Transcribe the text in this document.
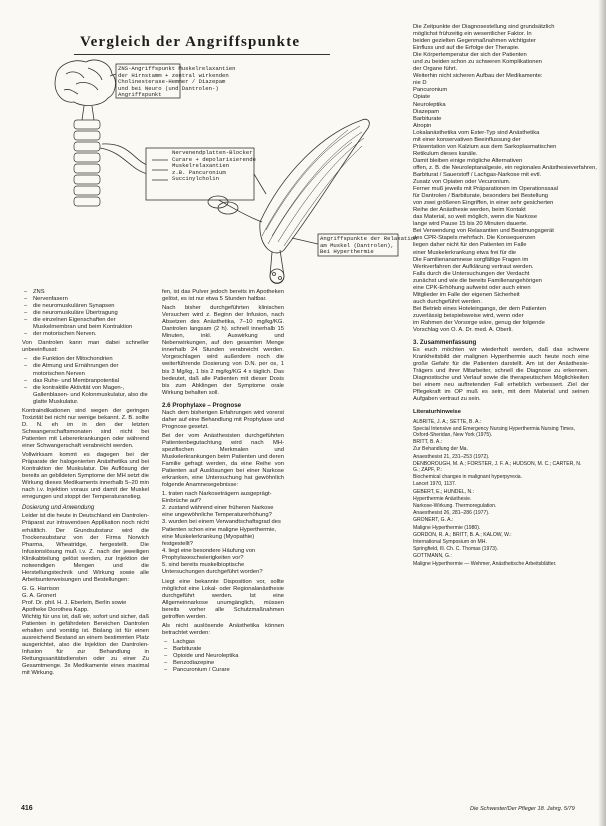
Vergleich der Angriffspunkte
ZNS-Angriffspunkt Muskelrelaxantien
der Hirnstamm + zentral wirkenden
Cholinesterase-Hemmer / Diazepam
und bei Neuro (und Dantrolen-)
Angriffspunkt
Nervenendplatten-Blocker
Curare + depolarisierende
Muskelrelaxantien
z.B. Pancuronium
Succinylcholin
Angriffspunkte der Relaxation
am Muskel (Dantrolen),
Bei Hyperthermie
– ZNS
– Nervenfasern
– die neuromuskulären Synapsen
– die neuromuskuläre Übertragung
– die einzelnen Eigenschaften der Muskelmembran und beim Kontraktion
– der motorischen Nerven.

Von Dantrolen kann man dabei schneller unbeeinflusst:

– die Funktion der Mitochondrien
– die Atmung und Ernährungen der motorischen Nerven
– das Ruhe- und Membranpotential
– die kontraktile Aktivität von Magen-, Gallenblasen- und Kolonmuskulatur, also die glatte Muskulatur.

Kontraindikationen sind wegen der geringen Toxizität bei nicht nur wenige bekannt. Z. B. sollte D. N. eh im in den der letzten Schwangerschaftsmonaten sind nicht bei Patienten mit Lebererkrankungen oder während einer Schwangerschaft verabreicht werden.

Vollwirksam kommt es dagegen bei der Präparate der halogenierten Anästhetika und bei Kontraktion der Muskulatur. Die Auflösung der bereits an gebildeten Symptome der MH setzt die Wirkung dieses Medikaments innerhalb 5–20 min nach i.v. Injektion voraus und damit der Muskel erregungen und stoppt der Temperaturanstieg.

Dosierung und Anwendung

Leider ist die heute in Deutschland ein Dantrolen-Präparat zur intravenösen Applikation noch nicht erhältlich. Der Grundsubstanz wird die Trockensubstanz von der Firma Norwich Pharma, Wheatridge, hergestellt. Die Infusionslösung muß i.v. Z. nach der jeweiligen Klinikabteilung gelöst werden, zur Injektion der notwendigen Mengen und die Herstellungstechnik und Wirkung sowie alle Arbeitsunterweisungen und Bestellungen:

G. G. Harrison
G. A. Gronert
Prof. Dr. phil. H. J. Eberlein, Berlin sowie
Apotheke Dorothea Kapp.

Wichtig für uns ist, daß wir, sofort und sicher, daß Patienten in gefährdeten Bereichen Dantrolen erhalten und vorrätig ist. Bislang ist für einen ausreichend Bestand an einem bestimmten Platz ausgerichtet, also die Injektion der Dantrolen-Infusion für zur Behandlung in Rettungssanitätsdiensten oder zu einer Zu Gesamtmenge. 3x Medikamente eines maximal mit Wirkung.

fen, ist das Pulver jedoch bereits im Apotheken gelöst, es ist nur etwa 5 Stunden haltbar.

Nach bisher durchgeführten klinischen Versuchen wird z. Beginn der Infusion, nach Absetzen des Anästhetika, 7–10 mg/kg/KG. Dantrolen langsam (2 h). schnell innerhalb 15 Minuten, inkl. Auswirkung und Nebenwirkungen, auf den gesamten Menge innerhalb 24 Stunden verabreicht werden. Vorgeschlagen wird außerdem noch die weiterführende Dosierung von D.N. per os, 1 bis 3 Mg/kg, 1 bis 2 mg/kg/KG 4 x täglich. Das bedeutet, daß alle Patienten mit dieser Dosis bis zum Abklingen der Symptome orale Wirkung behalten soll.

2.6 Prophylaxe – Prognose

Nach dem bisherigen Erfahrungen wird vorerst daher auf eine Behandlung mit Prophylaxe und Prognose gesetzt.

Bei der vom Anästhesisten durchgeführten Patientenbegutachtung wird nach MH-spezifischen Merkmalen und Muskelerkrankungen beim Patienten und deren Familie gefragt werden, da eine Reihe von Patienten auf Auslösungen bei einer Narkose erkranken, eine Untersuchung hat gewöhnlich folgende Anamnesegebnisse:

1. traten nach Narkoseträgern ausgeprägt-Einbrüche auf?
2. zustand während einer früheren Narkose eine ungewöhnliche Temperaturerhöhung?
3. wurden bei einem Verwandtschaftsgrad des Patienten schon eine maligne Hyperthermie, eine Muskelerkrankung (Myopathie) festgestellt?
4. liegt eine besondere Häufung von Prophylaxeschwierigkeiten vor?
5. sind bereits muskelbioptische Untersuchungen durchgeführt worden?

Liegt eine bekannte Disposition vor, sollte möglichst eine Lokal- oder Regionalanästhesie durchgeführt werden. Ist eine Allgemeinnarkose unumgänglich, müssen bereits vorher alle Schutzmaßnahmen getroffen werden.

Als nicht auslösende Anästhetika können betrachtet werden:

– Lachgas
– Barbiturate
– Opioide und Neuroleptika
– Benzodiazepine
– Pancuronium / Curare

Die Zeitpunkte der Diagnosestellung sind grundsätzlich

möglichst frühzeitig ein wesentlicher Faktor. In

beiden gezielten Gegenmaßnahmen wichtigster

Einfluss und auf die Erfolge der Therapie.

Die Körpertemperatur der sich der Patienten

und zu beiden schon zu schweren Komplikationen

der Organe führt.

Weiterhin nicht sicheren Aufbau der Medikamente:

nie D

Pancuronium

Opiate

Neuroleptika

Diazepam

Barbiturate

Atropin

Lokalanästhetika vom Ester-Typ sind Anästhetika

mit einer konservativen Beeinflussung der

Präsentation von Kalzium aus dem Sarkoplasmatischen

Retikulum dieses kanäle.

Damit bleiben einige mögliche Alternativen

offen, z. B. die Neuroleptanalgesie, ein regionales Anästhesieverfahren,

Barbiturat / Sauerstoff / Lachgas-Narkose mit evtl.

Zusatz von Opiaten oder Vecuronium.

Ferner muß jeweils mit Präparationen im Operationssaal

für Dantrolen / Barbiturate, besonders bei Bestellung

von zwei größeren Eingriffen, in einer sehr gesicherten

Reihe der Anästhesie werden, beim Kontakt

das Material, so weit möglich, wenn die Narkose

lange wird Pause 15 bis 20 Minuten dauerte.

Bei Verwendung von Relaxantien und Beatmungsgerät

des CPR-Stapels mehrfach. Die Konsequenzen

liegen daher nicht für den Patienten im Falle

einer Muskelerkrankung etwa frei für die

Die Familienanamnese sorgfältige Fragen im

Werkverfahren der Aufklärung vertraut werden.

Falls durch die Untersuchungen der Verdacht

zunächst und wie die bereits Familienangehörigen

eine CPK-Erhöhung aufweist oder auch einen

Mitglieder im Falle der eigenen Sicherheit

auch durchgeführt werden.

Bei Betrieb eines Hoteleingangs, der dem Patienten

zuverlässig beispielsweise wird, wenn oder

im Rahmen der Vorsorge wäre, genug der folgende

Vorschlag von O. A. Dr. med. A. Oberli.

3. Zusammenfassung

Es euch möchten wir wiederholt werden, daß das schwere Krankheitsbild der malignen Hyperthermie auch heute noch eine große Gefahr für die Patienten darstellt. Am ist der Anästhesie-Trägers und ihrer Mitarbeiter, schnell die Diagnose zu erkennen. Diagnostische und Verlauf sowie die therapeutischen Möglichkeiten bei einem neu auftretenden Fall erheblich verbessert. Ziel der Pflegekraft im OP muß es sein, mit dem Material und seinen Aufgaben vertraut zu sein.

Literaturhinweise
ALBRITE, J. A.; SETTE, B. A.:
Special Intensive and Emergency Nursing Hyperthermia Nursing Times, Oxford-Sheridan, New York (1975).
BRITT, B. A.:
Zur Behandlung der Ma.
Anaesthesist 21, 231–253 (1972).
DENBOROUGH, M. A.; FORSTER, J. F. A.; HUDSON, M. C.; CARTER, N. G.; ZAPF, P.:
Biochemical changes in malignant hyperpyrexia.
Lancet 1970, 1137.
GEBERT, E.; HUNDEL, N.:
Hyperthermie Anästhesie.
Narkose-Wirkung. Thermoregulation.
Anaesthesist 26, 281–286 (1977).
GRONERT, G. A.:
Maligne Hyperthermie (1980).
GORDON, R. A.; BRITT, B. A.; KALOW, W.:
International Symposium on MH.
Springfield, Ill. Ch. C. Thomas (1973).
GOTTMANN, G.:
Maligne Hyperthermie — Wehmer, Anästhetische Arbeitsblätter.
416	Die Schwester/Der Pfleger 18. Jahrg. 5/79
